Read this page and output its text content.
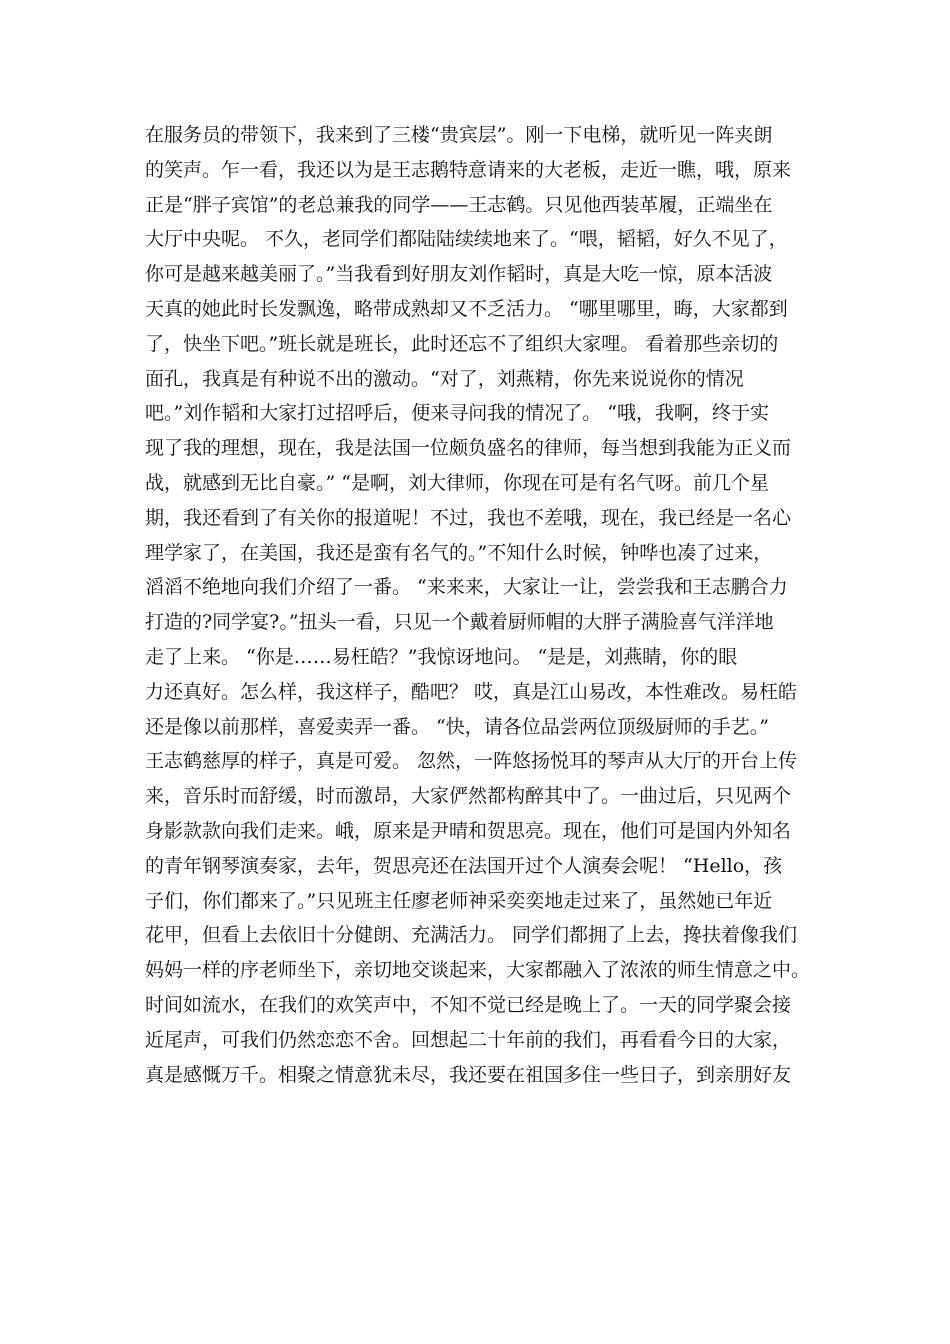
在服务员的带领下，我来到了三楼“贵宾层”。刚一下电梯，就听见一阵夹朗
的笑声。乍一看，我还以为是王志鹅特意请来的大老板，走近一瞧，哦，原来
正是“胖子宾馆”的老总兼我的同学——王志鹤。只见他西装革履，正端坐在
大厅中央呢。 不久，老同学们都陆陆续续地来了。“喂，韬韬，好久不见了，
你可是越来越美丽了。”当我看到好朋友刘作韬时，真是大吃一惊，原本活波
天真的她此时长发飘逸，略带成熟却又不乏活力。 “哪里哪里，晦，大家都到
了，快坐下吧。”班长就是班长，此时还忘不了组织大家哩。 看着那些亲切的
面孔，我真是有种说不出的激动。“对了，刘燕精，你先来说说你的情况
吧。”刘作韬和大家打过招呼后，便来寻问我的情况了。 “哦，我啊，终于实
现了我的理想，现在，我是法国一位颇负盛名的律师，每当想到我能为正义而
战，就感到无比自豪。” “是啊，刘大律师，你现在可是有名气呀。前几个星
期，我还看到了有关你的报道呢！不过，我也不差哦，现在，我已经是一名心
理学家了，在美国，我还是蛮有名气的。”不知什么时候，钟哗也凑了过来，
滔滔不绝地向我们介绍了一番。 “来来来，大家让一让，尝尝我和王志鹏合力
打造的?同学宴?。”扭头一看，只见一个戴着厨师帽的大胖子满脸喜气洋洋地
走了上来。 “你是……易枉皓？”我惊讶地问。 “是是，刘燕睛，你的眼
力还真好。怎么样，我这样子，酷吧？ 哎，真是江山易改，本性难改。易枉皓
还是像以前那样，喜爱卖弄一番。 “快，请各位品尝两位顶级厨师的手艺。”
王志鹤慈厚的样子，真是可爱。 忽然，一阵悠扬悦耳的琴声从大厅的开台上传
来，音乐时而舒缓，时而激昂，大家俨然都构醉其中了。一曲过后，只见两个
身影款款向我们走来。峨，原来是尹晴和贺思亮。现在，他们可是国内外知名
的青年钢琴演奏家，去年，贺思亮还在法国开过个人演奏会呢！ “Hello，孩
子们，你们都来了。”只见班主任廖老师神采奕奕地走过来了，虽然她已年近
花甲，但看上去依旧十分健朗、充满活力。 同学们都拥了上去，搀扶着像我们
妈妈一样的序老师坐下，亲切地交谈起来，大家都融入了浓浓的师生情意之中。
时间如流水，在我们的欢笑声中，不知不觉已经是晚上了。一天的同学聚会接
近尾声，可我们仍然恋恋不舍。回想起二十年前的我们，再看看今日的大家，
真是感慨万千。相聚之情意犹未尽，我还要在祖国多住一些日子，到亲朋好友
